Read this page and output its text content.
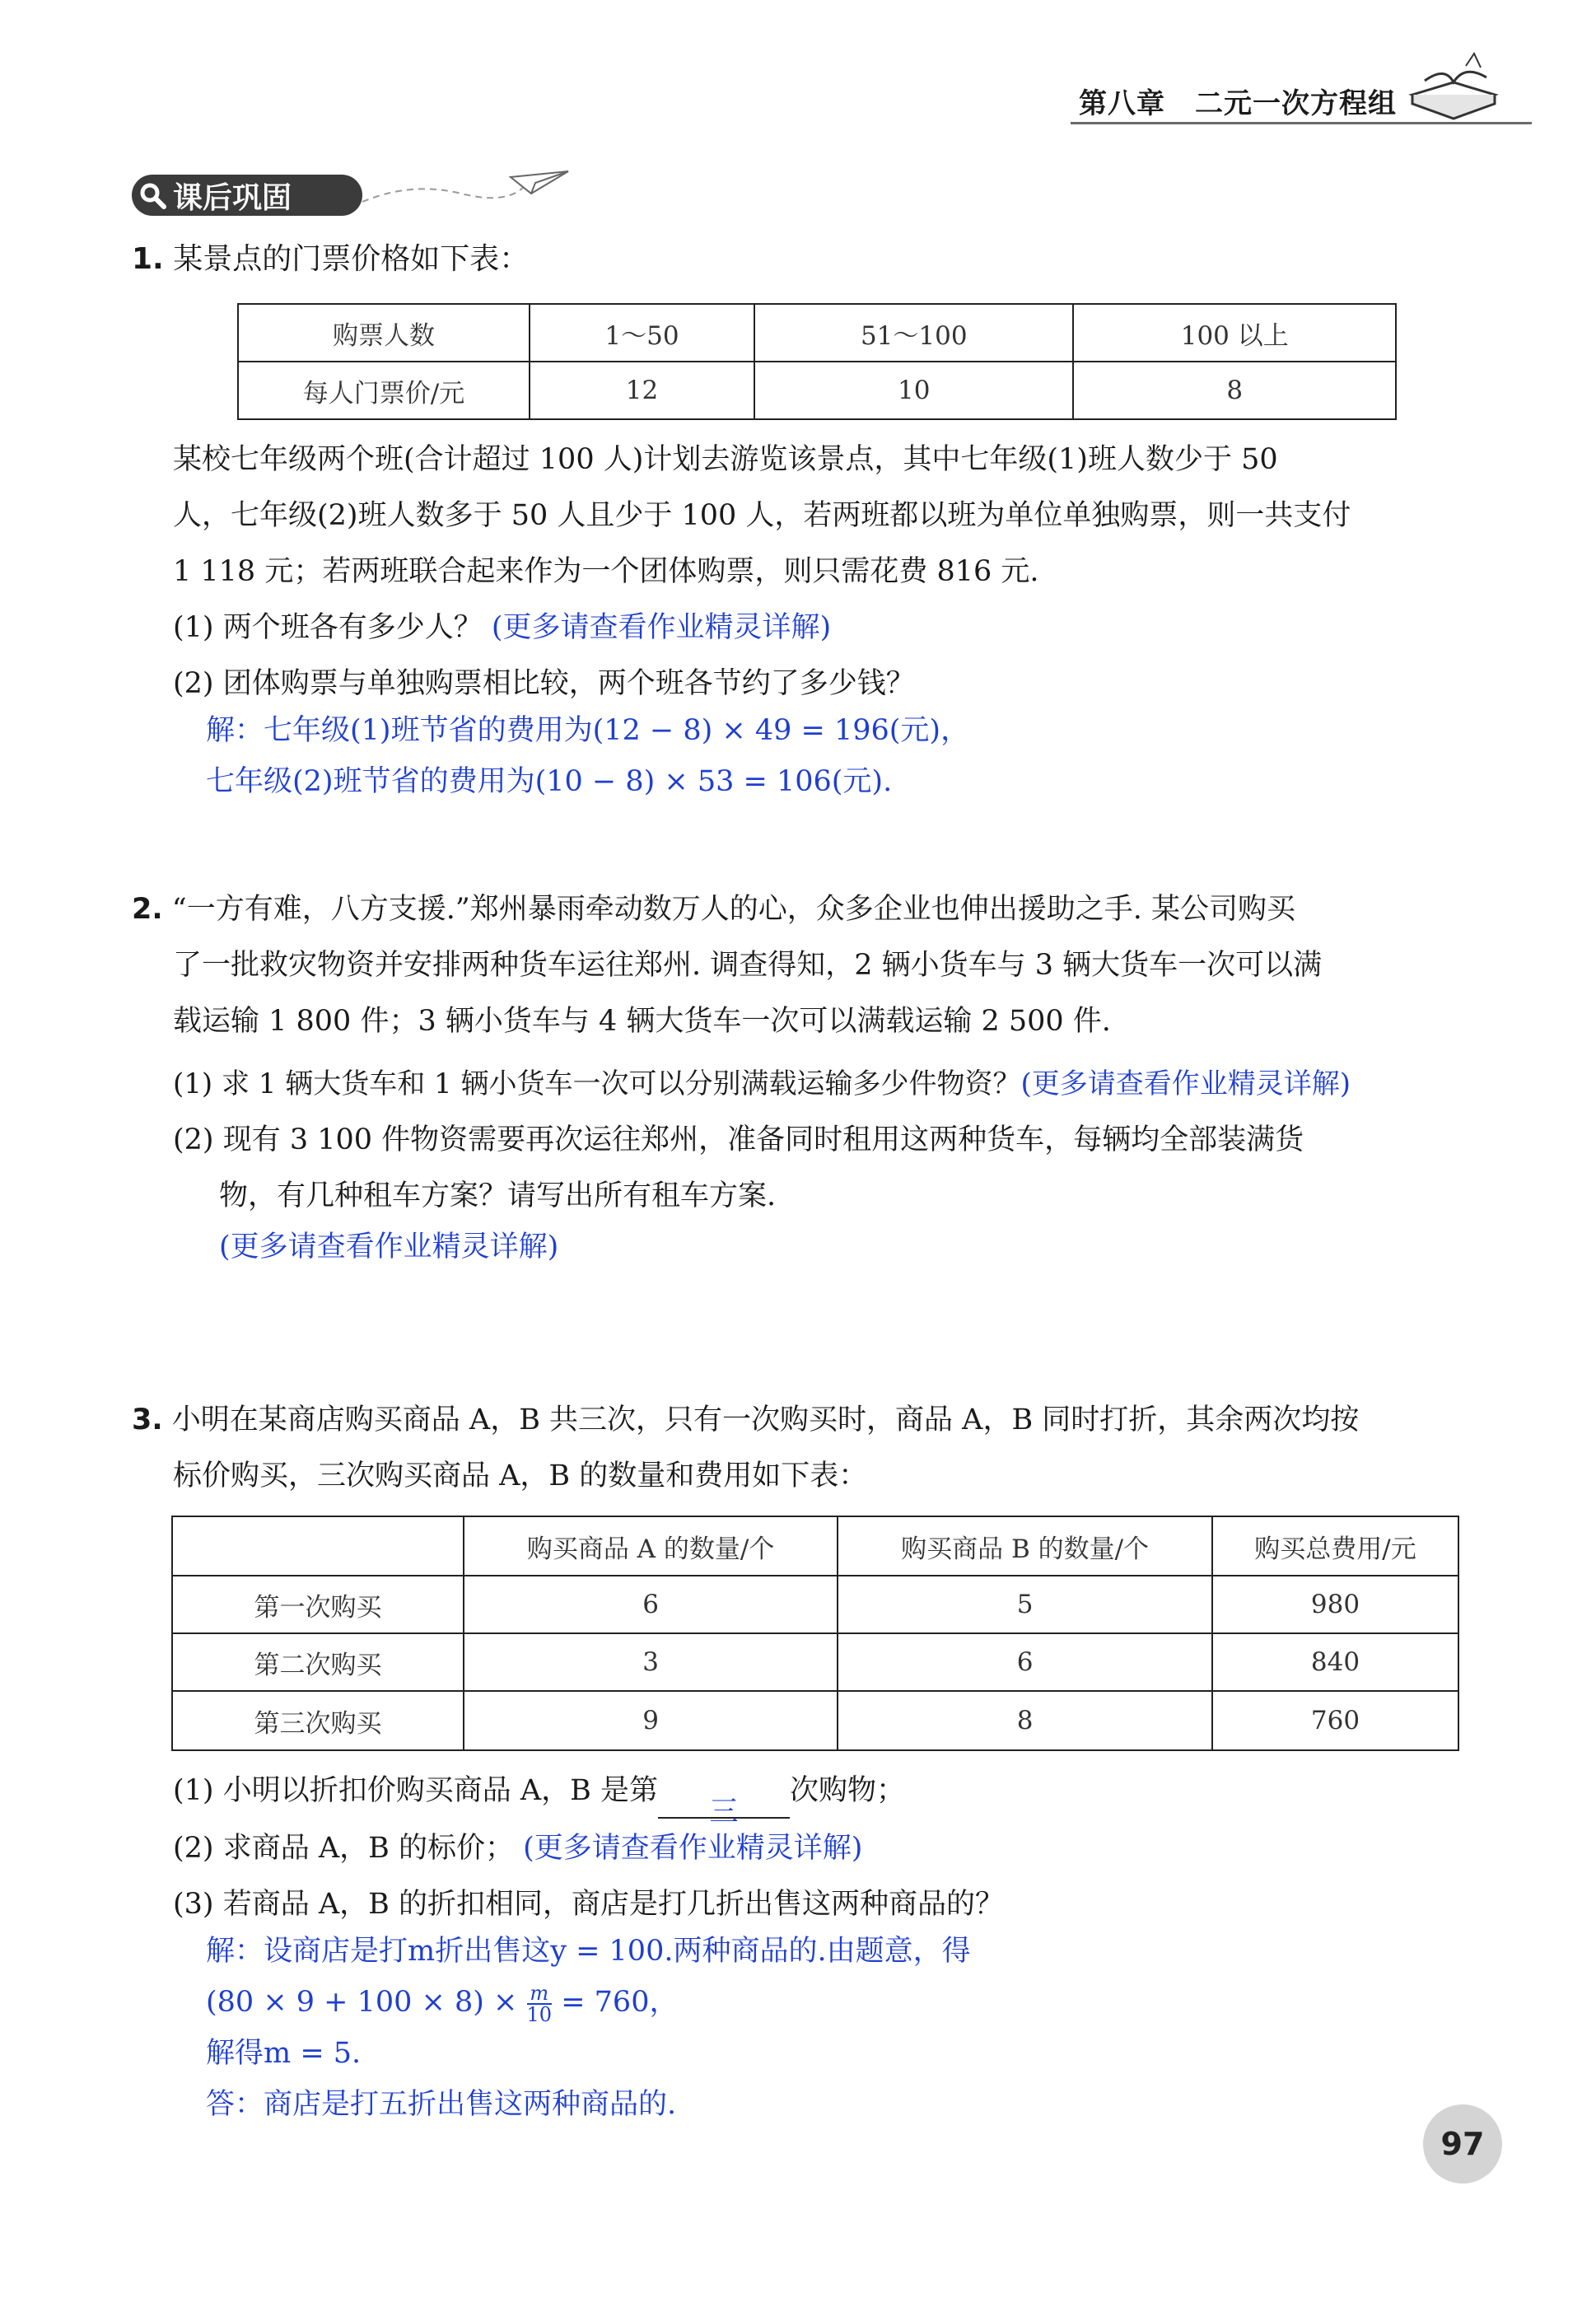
第八章 二元一次方程组
课后巩固
1. 某景点的门票价格如下表：
购票人数	1～50	51～100	100 以上
每人门票价/元	12	10	8
某校七年级两个班(合计超过 100 人)计划去游览该景点，其中七年级(1)班人数少于 50
人，七年级(2)班人数多于 50 人且少于 100 人，若两班都以班为单位单独购票，则一共支付
1 118 元；若两班联合起来作为一个团体购票，则只需花费 816 元.
(1) 两个班各有多少人？ (更多请查看作业精灵详解)
(2) 团体购票与单独购票相比较，两个班各节约了多少钱？
解：七年级(1)班节省的费用为(12 − 8) × 49 = 196(元)，
七年级(2)班节省的费用为(10 − 8) × 53 = 106(元).
2. “一方有难，八方支援.”郑州暴雨牵动数万人的心，众多企业也伸出援助之手. 某公司购买
了一批救灾物资并安排两种货车运往郑州. 调查得知，2 辆小货车与 3 辆大货车一次可以满
载运输 1 800 件；3 辆小货车与 4 辆大货车一次可以满载运输 2 500 件.
(1) 求 1 辆大货车和 1 辆小货车一次可以分别满载运输多少件物资？(更多请查看作业精灵详解)
(2) 现有 3 100 件物资需要再次运往郑州，准备同时租用这两种货车，每辆均全部装满货
物，有几种租车方案？请写出所有租车方案.
(更多请查看作业精灵详解)
3. 小明在某商店购买商品 A，B 共三次，只有一次购买时，商品 A，B 同时打折，其余两次均按
标价购买，三次购买商品 A，B 的数量和费用如下表：
	购买商品 A 的数量/个	购买商品 B 的数量/个	购买总费用/元
第一次购买	6	5	980
第二次购买	3	6	840
第三次购买	9	8	760
(1) 小明以折扣价购买商品 A，B 是第三次购物；
(2) 求商品 A，B 的标价； (更多请查看作业精灵详解)
(3) 若商品 A，B 的折扣相同，商店是打几折出售这两种商品的？
解：设商店是打m折出售这y = 100.两种商品的.由题意，得
$(80 \times 9 + 100 \times 8) \times \frac{m}{10} = 760$，
解得m = 5.
答：商店是打五折出售这两种商品的.
97
